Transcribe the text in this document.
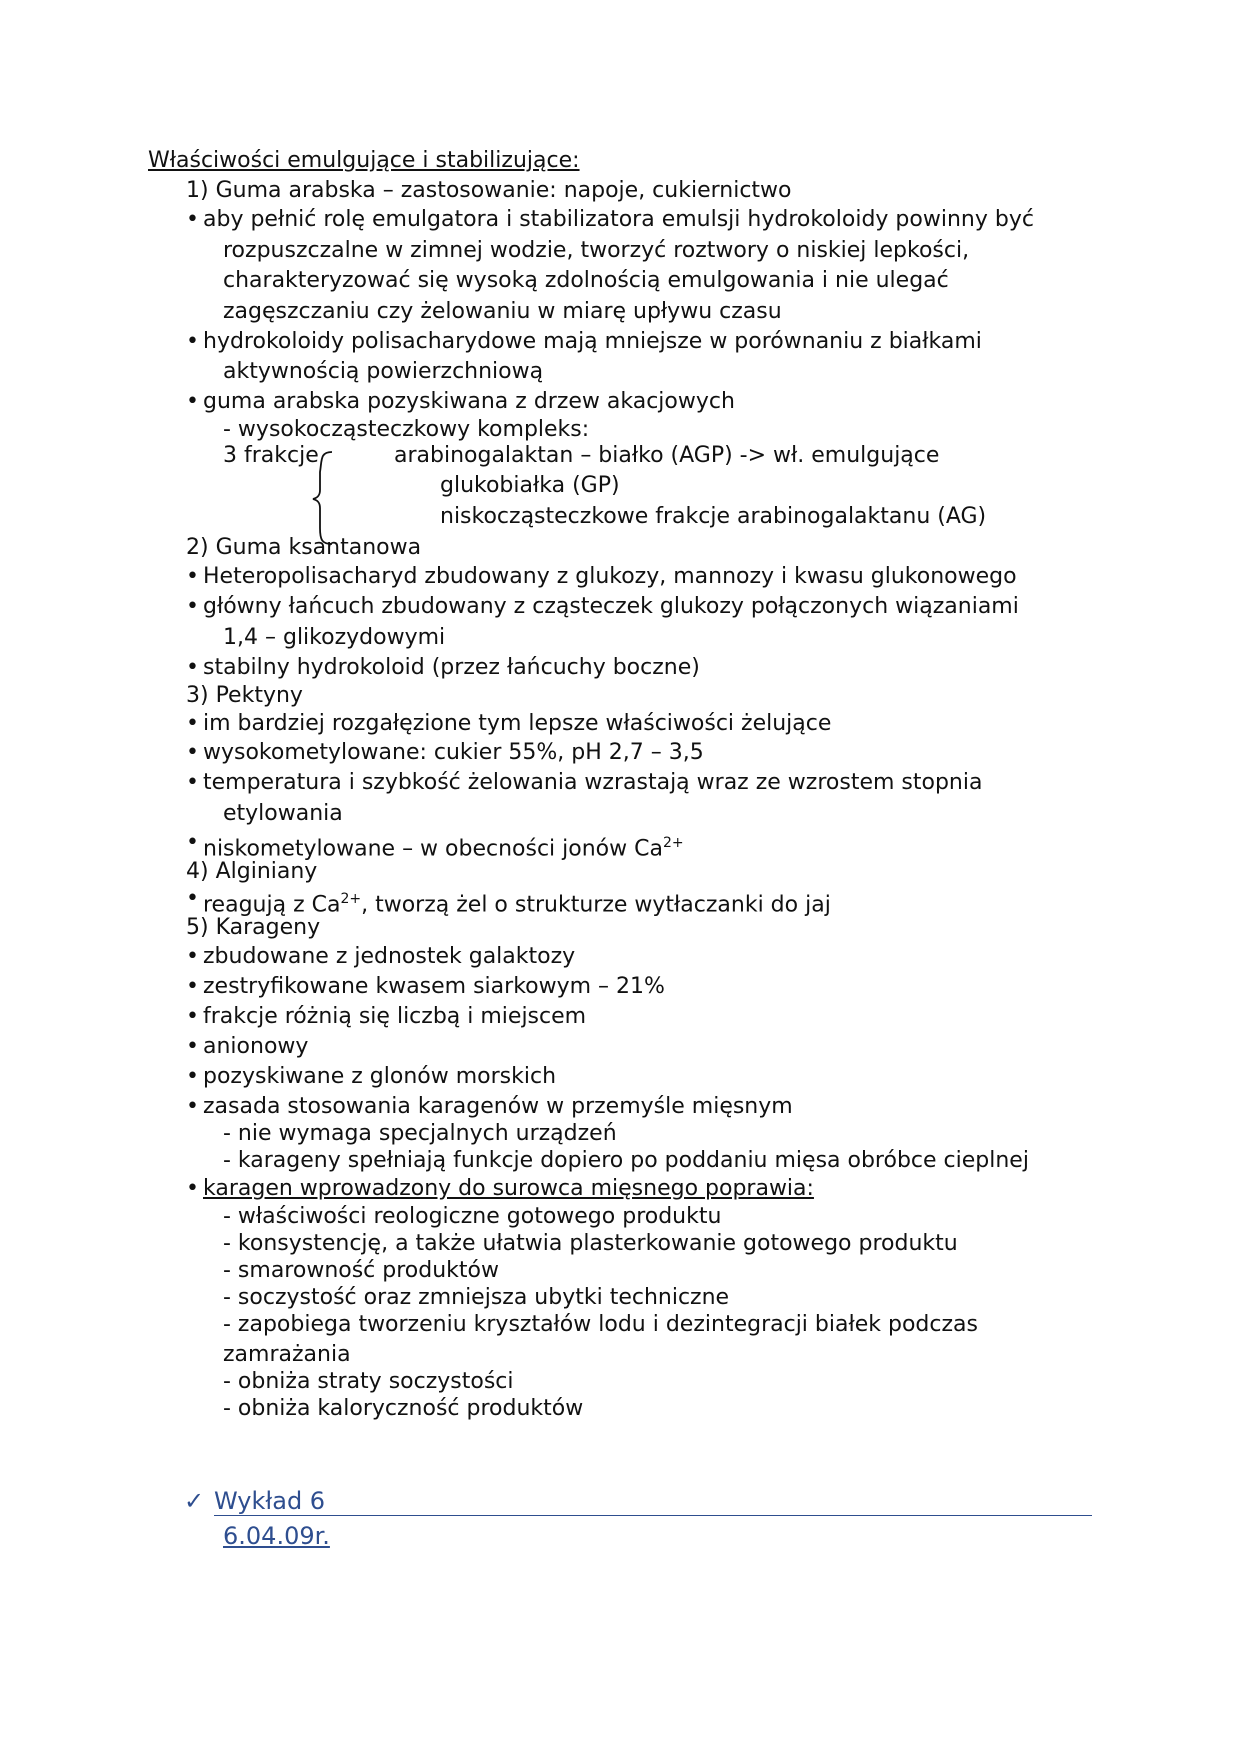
Właściwości emulgujące i stabilizujące:
1) Guma arabska – zastosowanie: napoje, cukiernictwo
• aby pełnić rolę emulgatora i stabilizatora emulsji hydrokoloidy powinny być
rozpuszczalne w zimnej wodzie, tworzyć roztwory o niskiej lepkości,
charakteryzować się wysoką zdolnością emulgowania i nie ulegać
zagęszczaniu czy żelowaniu w miarę upływu czasu
• hydrokoloidy polisacharydowe mają mniejsze w porównaniu z białkami
aktywnością powierzchniową
• guma arabska pozyskiwana z drzew akacjowych
- wysokocząsteczkowy kompleks:
3 frakcje	arabinogalaktan – białko (AGP) -> wł. emulgujące
glukobiałka (GP)
niskocząsteczkowe frakcje arabinogalaktanu (AG)
2) Guma ksantanowa
• Heteropolisacharyd zbudowany z glukozy, mannozy i kwasu glukonowego
• główny łańcuch zbudowany z cząsteczek glukozy połączonych wiązaniami
1,4 – glikozydowymi
• stabilny hydrokoloid (przez łańcuchy boczne)
3) Pektyny
• im bardziej rozgałęzione tym lepsze właściwości żelujące
• wysokometylowane: cukier 55%, pH 2,7 – 3,5
• temperatura i szybkość żelowania wzrastają wraz ze wzrostem stopnia
etylowania
• niskometylowane – w obecności jonów $Ca^{2+}$
4) Alginiany
• reagują z $Ca^{2+}$, tworzą żel o strukturze wytłaczanki do jaj
5) Karageny
• zbudowane z jednostek galaktozy
• zestryfikowane kwasem siarkowym – 21%
• frakcje różnią się liczbą i miejscem
• anionowy
• pozyskiwane z glonów morskich
• zasada stosowania karagenów w przemyśle mięsnym
- nie wymaga specjalnych urządzeń
- karageny spełniają funkcje dopiero po poddaniu mięsa obróbce cieplnej
• karagen wprowadzony do surowca mięsnego poprawia:
- właściwości reologiczne gotowego produktu
- konsystencję, a także ułatwia plasterkowanie gotowego produktu
- smarowność produktów
- soczystość oraz zmniejsza ubytki techniczne
- zapobiega tworzeniu kryształów lodu i dezintegracji białek podczas
zamrażania
- obniża straty soczystości
- obniża kaloryczność produktów
✓ Wykład 6
6.04.09r.
